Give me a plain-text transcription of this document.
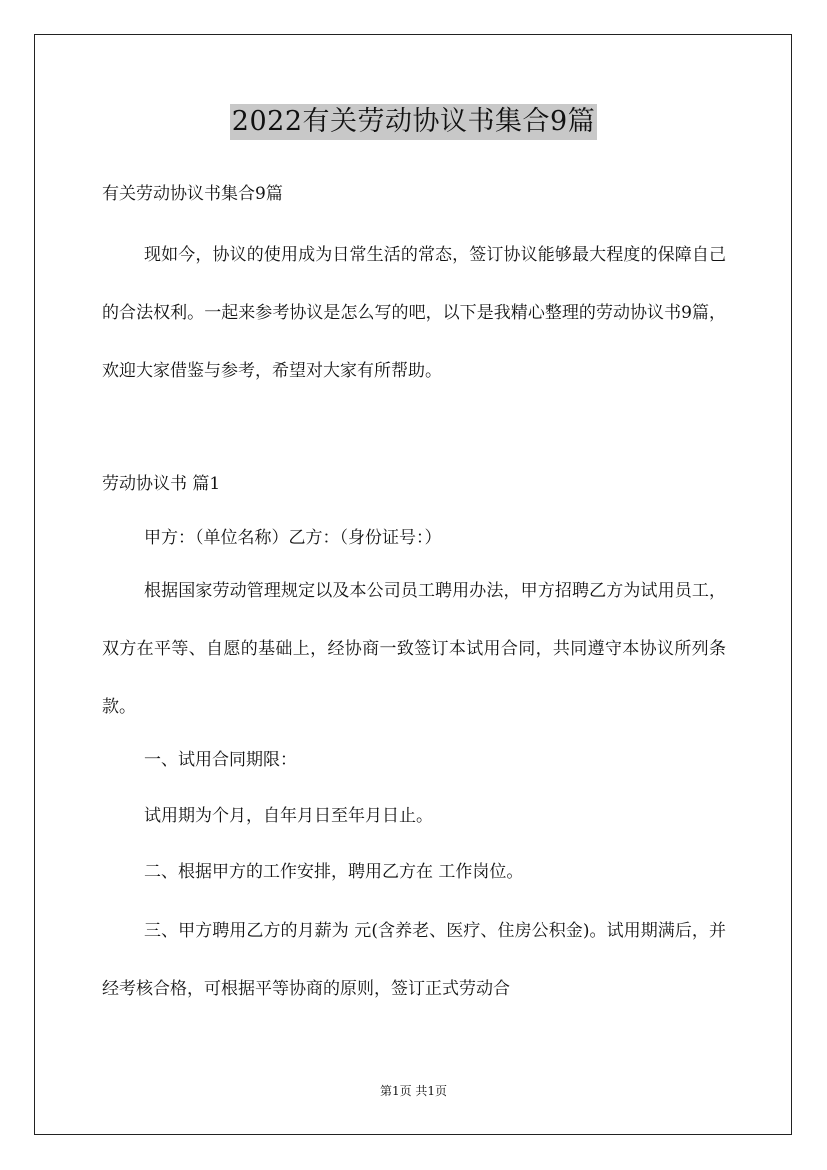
2022有关劳动协议书集合9篇

有关劳动协议书集合9篇

现如今，协议的使用成为日常生活的常态，签订协议能够最大程度的保障自己的合法权利。一起来参考协议是怎么写的吧，以下是我精心整理的劳动协议书9篇，欢迎大家借鉴与参考，希望对大家有所帮助。

劳动协议书 篇1

甲方：（单位名称）乙方：（身份证号：）

根据国家劳动管理规定以及本公司员工聘用办法，甲方招聘乙方为试用员工，双方在平等、自愿的基础上，经协商一致签订本试用合同，共同遵守本协议所列条款。

一、试用合同期限：

试用期为个月，自年月日至年月日止。

二、根据甲方的工作安排，聘用乙方在 工作岗位。

三、甲方聘用乙方的月薪为 元(含养老、医疗、住房公积金)。试用期满后，并经考核合格，可根据平等协商的原则，签订正式劳动合

第1页 共1页
